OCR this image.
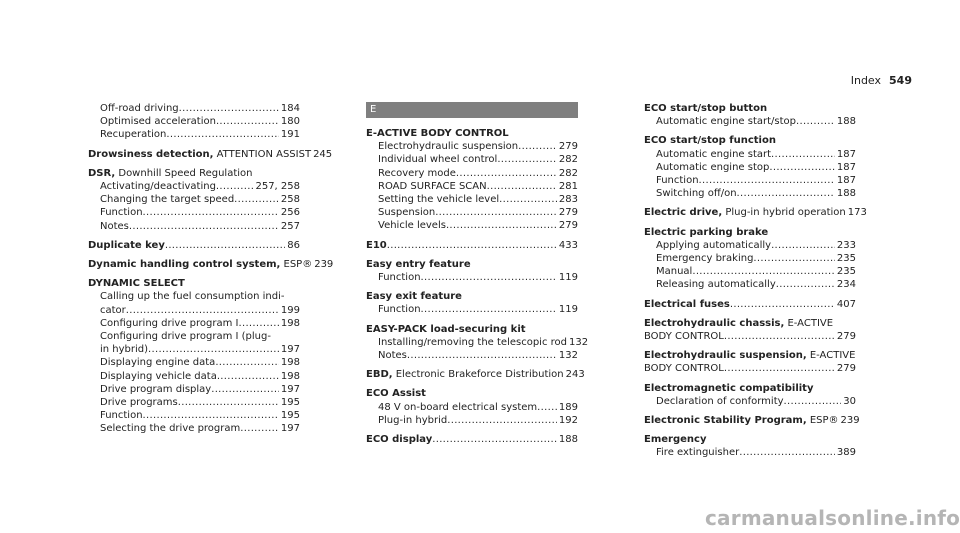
Index 549
Off-road driving .....	184
Optimised acceleration .....	180
Recuperation .....	191
Drowsiness detection, ATTENTION ASSIST 245
DSR, Downhill Speed Regulation
Activating/deactivating .....	257, 258
Changing the target speed .....	258
Function .....	256
Notes .....	257
Duplicate key .....	86
Dynamic handling control system, ESP® 239
DYNAMIC SELECT
Calling up the fuel consumption indi-
cator .....	199
Configuring drive program I .....	198
Configuring drive program I (plug-
in hybrid) .....	197
Displaying engine data .....	198
Displaying vehicle data .....	198
Drive program display .....	197
Drive programs .....	195
Function .....	195
Selecting the drive program .....	197
E
E-ACTIVE BODY CONTROL
Electrohydraulic suspension .....	279
Individual wheel control .....	282
Recovery mode .....	282
ROAD SURFACE SCAN .....	281
Setting the vehicle level .....	283
Suspension .....	279
Vehicle levels .....	279
E10 .....	433
Easy entry feature
Function .....	119
Easy exit feature
Function .....	119
EASY-PACK load-securing kit
Installing/removing the telescopic rod 132
Notes .....	132
EBD, Electronic Brakeforce Distribution 243
ECO Assist
48 V on-board electrical system ..... 189
Plug-in hybrid .....	192
ECO display .....	188
ECO start/stop button
Automatic engine start/stop .....	188
ECO start/stop function
Automatic engine start .....	187
Automatic engine stop .....	187
Function .....	187
Switching off/on .....	188
Electric drive, Plug-in hybrid operation 173
Electric parking brake
Applying automatically .....	233
Emergency braking .....	235
Manual .....	235
Releasing automatically .....	234
Electrical fuses .....	407
Electrohydraulic chassis, E-ACTIVE
BODY CONTROL .....	279
Electrohydraulic suspension, E-ACTIVE
BODY CONTROL .....	279
Electromagnetic compatibility
Declaration of conformity .....	30
Electronic Stability Program, ESP® 239
Emergency
Fire extinguisher .....	389
carmanualsonline.info
